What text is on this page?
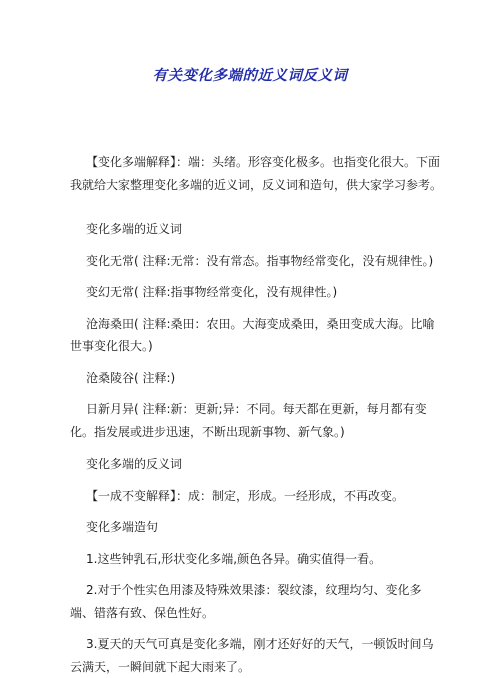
有关变化多端的近义词反义词

【变化多端解释】：端：头绪。形容变化极多。也指变化很大。下面我就给大家整理变化多端的近义词，反义词和造句，供大家学习参考。

变化多端的近义词

变化无常( 注释:无常：没有常态。指事物经常变化，没有规律性。)

变幻无常( 注释:指事物经常变化，没有规律性。)

沧海桑田( 注释:桑田：农田。大海变成桑田，桑田变成大海。比喻世事变化很大。)

沧桑陵谷( 注释:)

日新月异( 注释:新：更新;异：不同。每天都在更新，每月都有变化。指发展或进步迅速，不断出现新事物、新气象。)

变化多端的反义词

【一成不变解释】：成：制定，形成。一经形成，不再改变。

变化多端造句

1.这些钟乳石,形状变化多端,颜色各异。确实值得一看。

2.对于个性实色用漆及特殊效果漆：裂纹漆，纹理均匀、变化多端、错落有致、保色性好。

3.夏天的天气可真是变化多端，刚才还好好的天气，一顿饭时间乌云满天，一瞬间就下起大雨来了。
